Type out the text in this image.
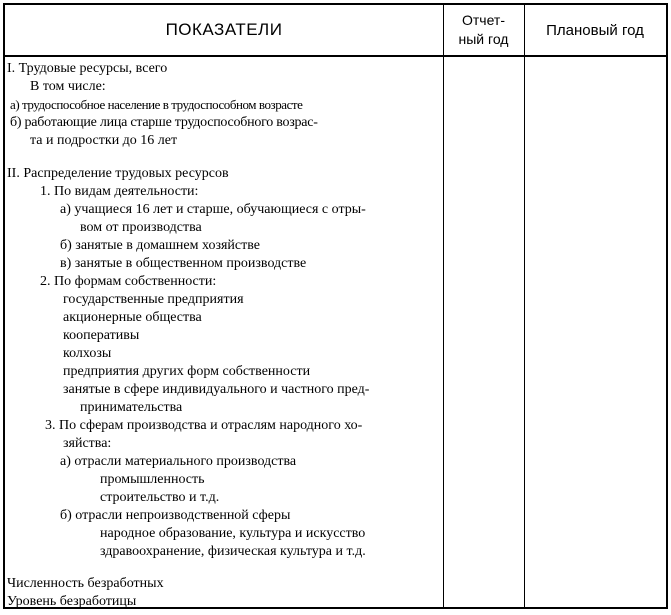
ПОКАЗАТЕЛИ	Отчет-
ный год
Плановый год
I. Трудовые ресурсы, всего
В том числе:
а) трудоспособное население в трудоспособном возрасте
б) работающие лица старше трудоспособного возрас-
та и подростки до 16 лет
II. Распределение трудовых ресурсов
1. По видам деятельности:
а) учащиеся 16 лет и старше, обучающиеся с отры-
вом от производства
б) занятые в домашнем хозяйстве
в) занятые в общественном производстве
2. По формам собственности:
государственные предприятия
акционерные общества
кооперативы
колхозы
предприятия других форм собственности
занятые в сфере индивидуального и частного пред-
принимательства
3. По сферам производства и отраслям народного хо-
зяйства:
а) отрасли материального производства
промышленность
строительство и т.д.
б) отрасли непроизводственной сферы
народное образование, культура и искусство
здравоохранение, физическая культура и т.д.
Численность безработных
Уровень безработицы
